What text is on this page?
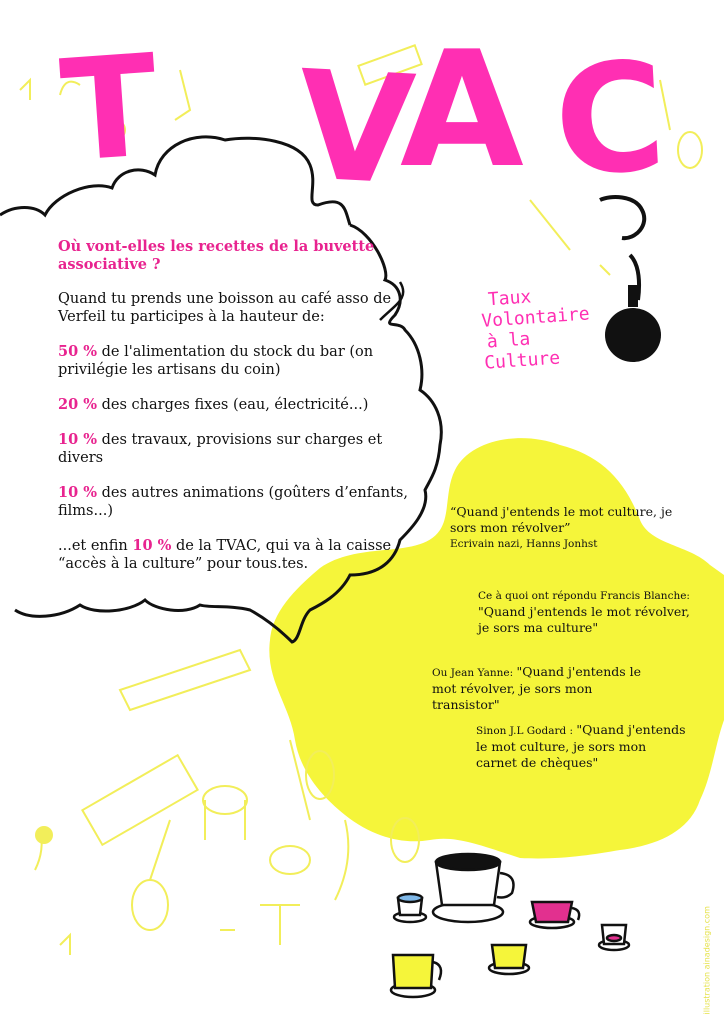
T V
A C
Taux
Volontaire
à la
Culture

Où vont-elles les recettes de la buvette associative ?

Quand tu prends une boisson au café asso de Verfeil tu participes à la hauteur de:

50 % de l'alimentation du stock du bar (on privilégie les artisans du coin)

20 % des charges fixes (eau, électricité...)

10 % des travaux, provisions sur charges et divers

10 % des autres animations (goûters d’enfants, films...)

...et enfin 10 % de la TVAC, qui va à la caisse “accès à la culture” pour tous.tes.

“Quand j'entends le mot culture, je sors mon révolver”
Ecrivain nazi, Hanns Jonhst
Ce à quoi ont répondu Francis Blanche:
"Quand j'entends le mot révolver, je sors ma culture"
Ou Jean Yanne: "Quand j'entends le mot révolver, je sors mon transistor"
Sinon J.L Godard : "Quand j'entends le mot culture, je sors mon carnet de chèques"
illustration ainadesign.com
